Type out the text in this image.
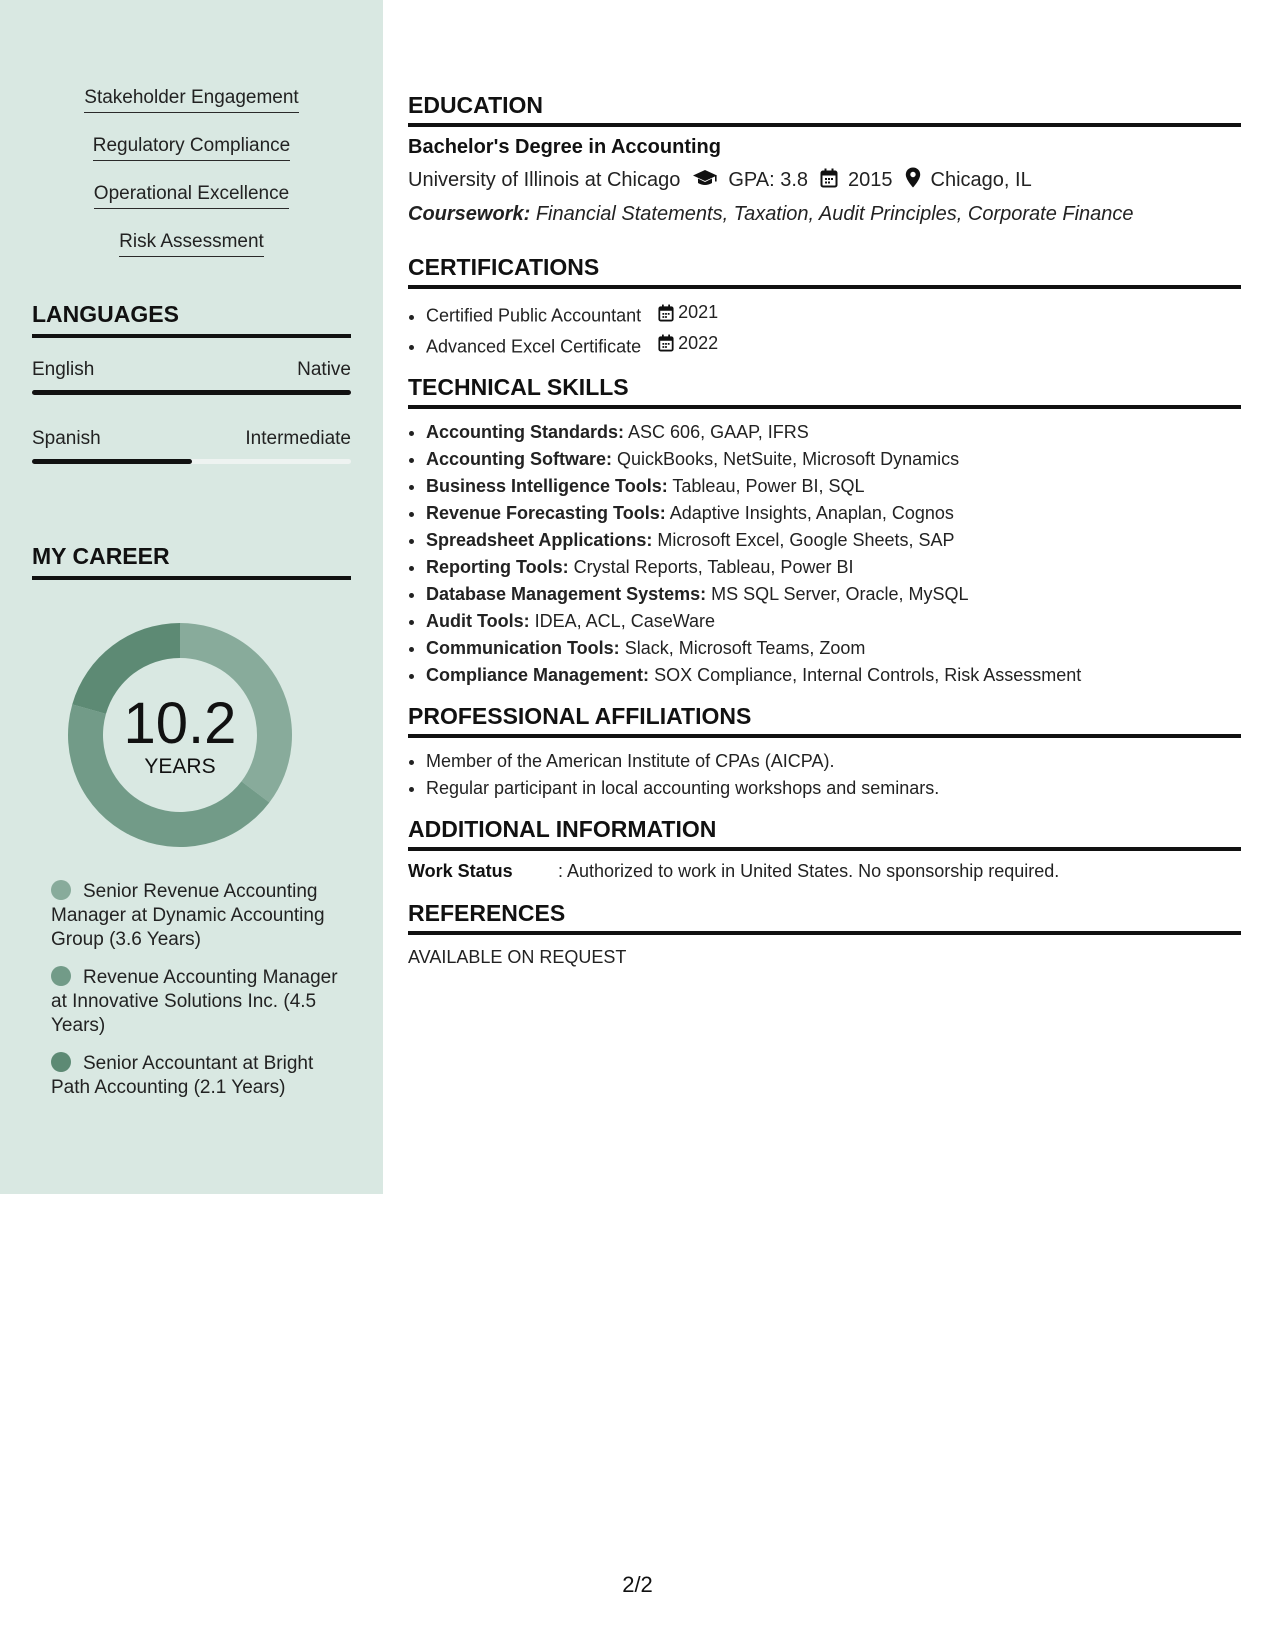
Stakeholder Engagement
Regulatory Compliance
Operational Excellence
Risk Assessment
LANGUAGES
English	Native
Spanish	Intermediate
MY CAREER
10.2
YEARS
Senior Revenue Accounting Manager at Dynamic Accounting Group (3.6 Years)
Revenue Accounting Manager at Innovative Solutions Inc. (4.5 Years)
Senior Accountant at Bright Path Accounting (2.1 Years)
EDUCATION
Bachelor's Degree in Accounting
University of Illinois at Chicago GPA: 3.8 2015 Chicago, IL
Coursework: Financial Statements, Taxation, Audit Principles, Corporate Finance
CERTIFICATIONS
• Certified Public Accountant 2021
• Advanced Excel Certificate 2022
TECHNICAL SKILLS
• Accounting Standards: ASC 606, GAAP, IFRS
• Accounting Software: QuickBooks, NetSuite, Microsoft Dynamics
• Business Intelligence Tools: Tableau, Power BI, SQL
• Revenue Forecasting Tools: Adaptive Insights, Anaplan, Cognos
• Spreadsheet Applications: Microsoft Excel, Google Sheets, SAP
• Reporting Tools: Crystal Reports, Tableau, Power BI
• Database Management Systems: MS SQL Server, Oracle, MySQL
• Audit Tools: IDEA, ACL, CaseWare
• Communication Tools: Slack, Microsoft Teams, Zoom
• Compliance Management: SOX Compliance, Internal Controls, Risk Assessment
PROFESSIONAL AFFILIATIONS
• Member of the American Institute of CPAs (AICPA).
• Regular participant in local accounting workshops and seminars.
ADDITIONAL INFORMATION
Work Status	: Authorized to work in United States. No sponsorship required.
REFERENCES
AVAILABLE ON REQUEST
2/2
